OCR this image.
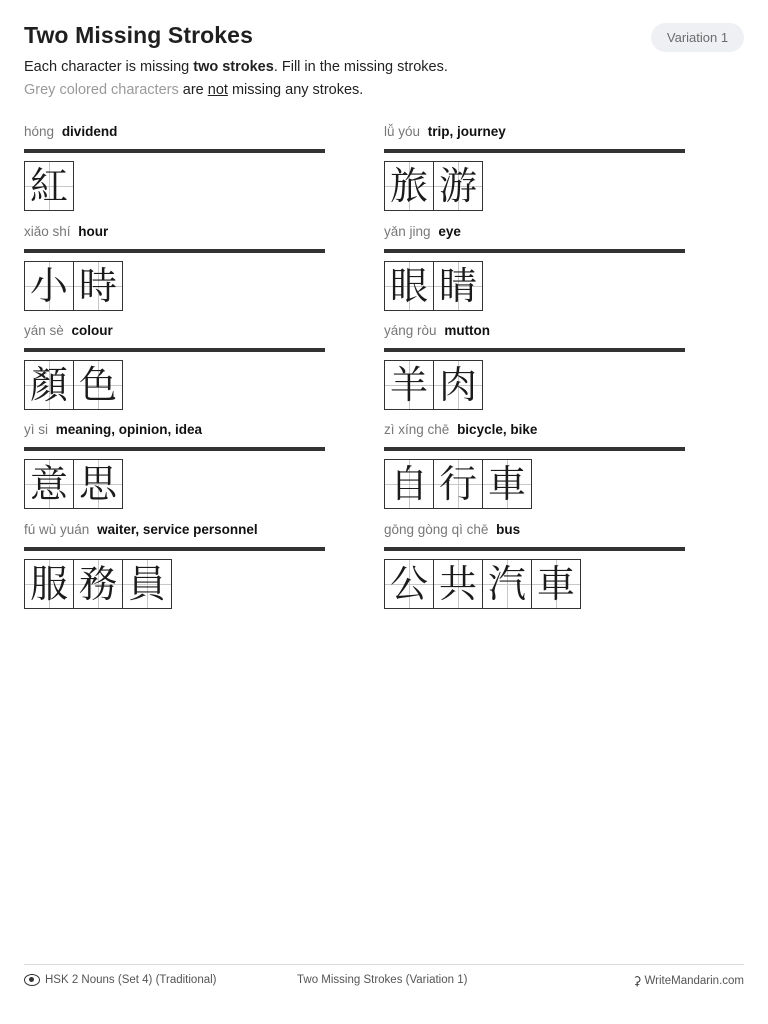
Two Missing Strokes	Variation 1
Each character is missing two strokes. Fill in the missing strokes.
Grey colored characters are not missing any strokes.
hóng dividend
紅
lǚ yóu trip, journey
旅 游
xiǎo shí hour
小 時
yǎn jing eye
眼 睛
yán sè colour
顏 色
yáng ròu mutton
羊 肉
yì si meaning, opinion, idea
意 思
zì xíng chē bicycle, bike
自 行 車
fú wù yuán waiter, service personnel
服 務 員
gōng gòng qì chē bus
公 共 汽 車
HSK 2 Nouns (Set 4) (Traditional)	Two Missing Strokes (Variation 1)	⚳ WriteMandarin.com
